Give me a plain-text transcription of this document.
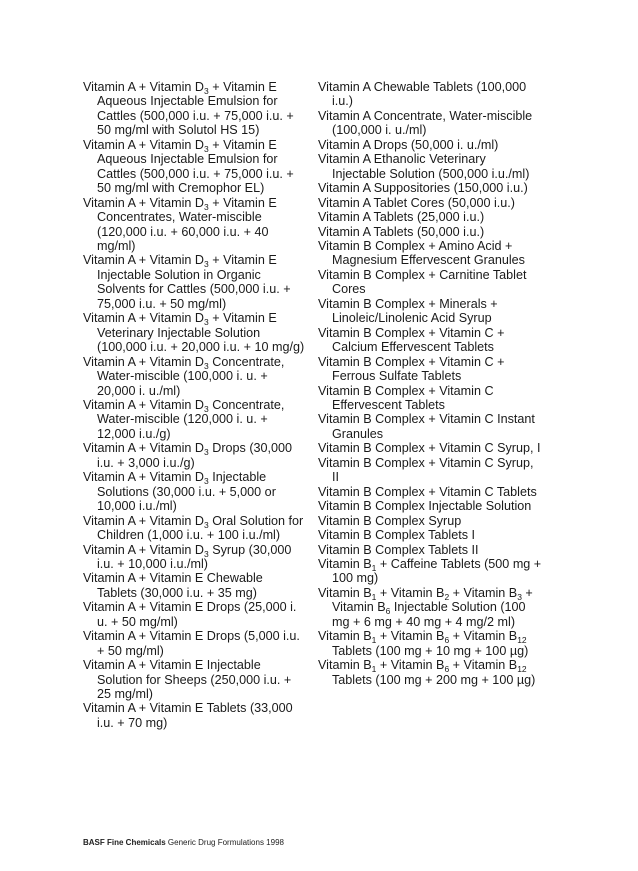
Vitamin A + Vitamin $D_3$ + Vitamin E Aqueous Injectable Emulsion for Cattles (500,000 i.u. + 75,000 i.u. + 50 mg/ml with Solutol HS 15)
Vitamin A + Vitamin $D_3$ + Vitamin E Aqueous Injectable Emulsion for Cattles (500,000 i.u. + 75,000 i.u. + 50 mg/ml with Cremophor EL)
Vitamin A + Vitamin $D_3$ + Vitamin E Concentrates, Water-miscible (120,000 i.u. + 60,000 i.u. + 40 mg/ml)
Vitamin A + Vitamin $D_3$ + Vitamin E Injectable Solution in Organic Solvents for Cattles (500,000 i.u. + 75,000 i.u. + 50 mg/ml)
Vitamin A + Vitamin $D_3$ + Vitamin E Veterinary Injectable Solution (100,000 i.u. + 20,000 i.u. + 10 mg/g)
Vitamin A + Vitamin $D_3$ Concentrate, Water-miscible (100,000 i. u. + 20,000 i. u./ml)
Vitamin A + Vitamin $D_3$ Concentrate, Water-miscible (120,000 i. u. + 12,000 i.u./g)
Vitamin A + Vitamin $D_3$ Drops (30,000 i.u. + 3,000 i.u./g)
Vitamin A + Vitamin $D_3$ Injectable Solutions (30,000 i.u. + 5,000 or 10,000 i.u./ml)
Vitamin A + Vitamin $D_3$ Oral Solution for Children (1,000 i.u. + 100 i.u./ml)
Vitamin A + Vitamin $D_3$ Syrup (30,000 i.u. + 10,000 i.u./ml)
Vitamin A + Vitamin E Chewable Tablets (30,000 i.u. + 35 mg)
Vitamin A + Vitamin E Drops (25,000 i. u. + 50 mg/ml)
Vitamin A + Vitamin E Drops (5,000 i.u. + 50 mg/ml)
Vitamin A + Vitamin E Injectable Solution for Sheeps (250,000 i.u. + 25 mg/ml)
Vitamin A + Vitamin E Tablets (33,000 i.u. + 70 mg)
Vitamin A Chewable Tablets (100,000 i.u.)
Vitamin A Concentrate, Water-miscible (100,000 i. u./ml)
Vitamin A Drops (50,000 i. u./ml)
Vitamin A Ethanolic Veterinary Injectable Solution (500,000 i.u./ml)
Vitamin A Suppositories (150,000 i.u.)
Vitamin A Tablet Cores (50,000 i.u.)
Vitamin A Tablets (25,000 i.u.)
Vitamin A Tablets (50,000 i.u.)
Vitamin B Complex + Amino Acid + Magnesium Effervescent Granules
Vitamin B Complex + Carnitine Tablet Cores
Vitamin B Complex + Minerals + Linoleic/Linolenic Acid Syrup
Vitamin B Complex + Vitamin C + Calcium Effervescent Tablets
Vitamin B Complex + Vitamin C + Ferrous Sulfate Tablets
Vitamin B Complex + Vitamin C Effervescent Tablets
Vitamin B Complex + Vitamin C Instant Granules
Vitamin B Complex + Vitamin C Syrup, I
Vitamin B Complex + Vitamin C Syrup, II
Vitamin B Complex + Vitamin C Tablets
Vitamin B Complex Injectable Solution
Vitamin B Complex Syrup
Vitamin B Complex Tablets I
Vitamin B Complex Tablets II
Vitamin $B_1$ + Caffeine Tablets (500 mg + 100 mg)
Vitamin $B_1$ + Vitamin $B_2$ + Vitamin $B_3$ + Vitamin $B_6$ Injectable Solution (100 mg + 6 mg + 40 mg + 4 mg/2 ml)
Vitamin $B_1$ + Vitamin $B_6$ + Vitamin $B_{12}$ Tablets (100 mg + 10 mg + 100 µg)
Vitamin $B_1$ + Vitamin $B_6$ + Vitamin $B_{12}$ Tablets (100 mg + 200 mg + 100 µg)
BASF Fine Chemicals Generic Drug Formulations 1998
